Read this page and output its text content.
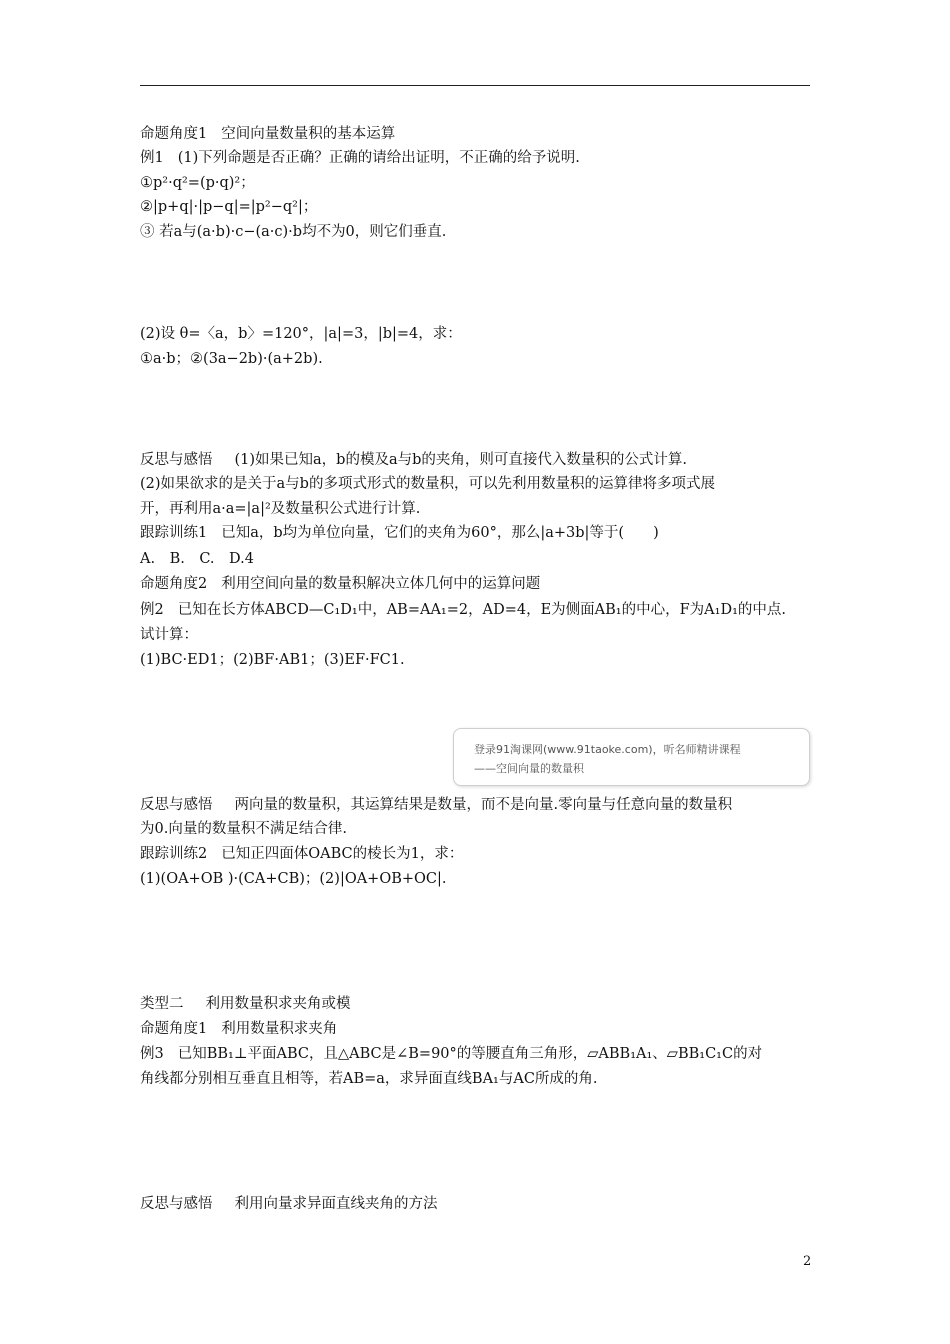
命题角度1 空间向量数量积的基本运算
例1 (1)下列命题是否正确？正确的请给出证明，不正确的给予说明.
①p²·q²=(p·q)²；
②|p+q|·|p−q|=|p²−q²|；
③ 若a与(a·b)·c−(a·c)·b均不为0，则它们垂直.
(2)设 θ=〈a，b〉=120°，|a|=3，|b|=4，求：
①a·b；②(3a−2b)·(a+2b).
反思与感悟 (1)如果已知a，b的模及a与b的夹角，则可直接代入数量积的公式计算.
(2)如果欲求的是关于a与b的多项式形式的数量积，可以先利用数量积的运算律将多项式展
开，再利用a·a=|a|²及数量积公式进行计算.
跟踪训练1 已知a，b均为单位向量，它们的夹角为60°，那么|a+3b|等于(　　)
A.　B.　C.　D.4
命题角度2 利用空间向量的数量积解决立体几何中的运算问题
例2 已知在长方体ABCD—C₁D₁中，AB=AA₁=2，AD=4，E为侧面AB₁的中心，F为A₁D₁的中点.
试计算：
(1)BC·ED1；(2)BF·AB1；(3)EF·FC1.
登录91淘课网(www.91taoke.com)，听名师精讲课程
——空间向量的数量积
反思与感悟 两向量的数量积，其运算结果是数量，而不是向量.零向量与任意向量的数量积
为0.向量的数量积不满足结合律.
跟踪训练2 已知正四面体OABC的棱长为1，求：
(1)(OA+OB )·(CA+CB)；(2)|OA+OB+OC|.
类型二 利用数量积求夹角或模
命题角度1 利用数量积求夹角
例3 已知BB₁⊥平面ABC，且△ABC是∠B=90°的等腰直角三角形，▱ABB₁A₁、▱BB₁C₁C的对
角线都分别相互垂直且相等，若AB=a，求异面直线BA₁与AC所成的角.
反思与感悟 利用向量求异面直线夹角的方法
2
